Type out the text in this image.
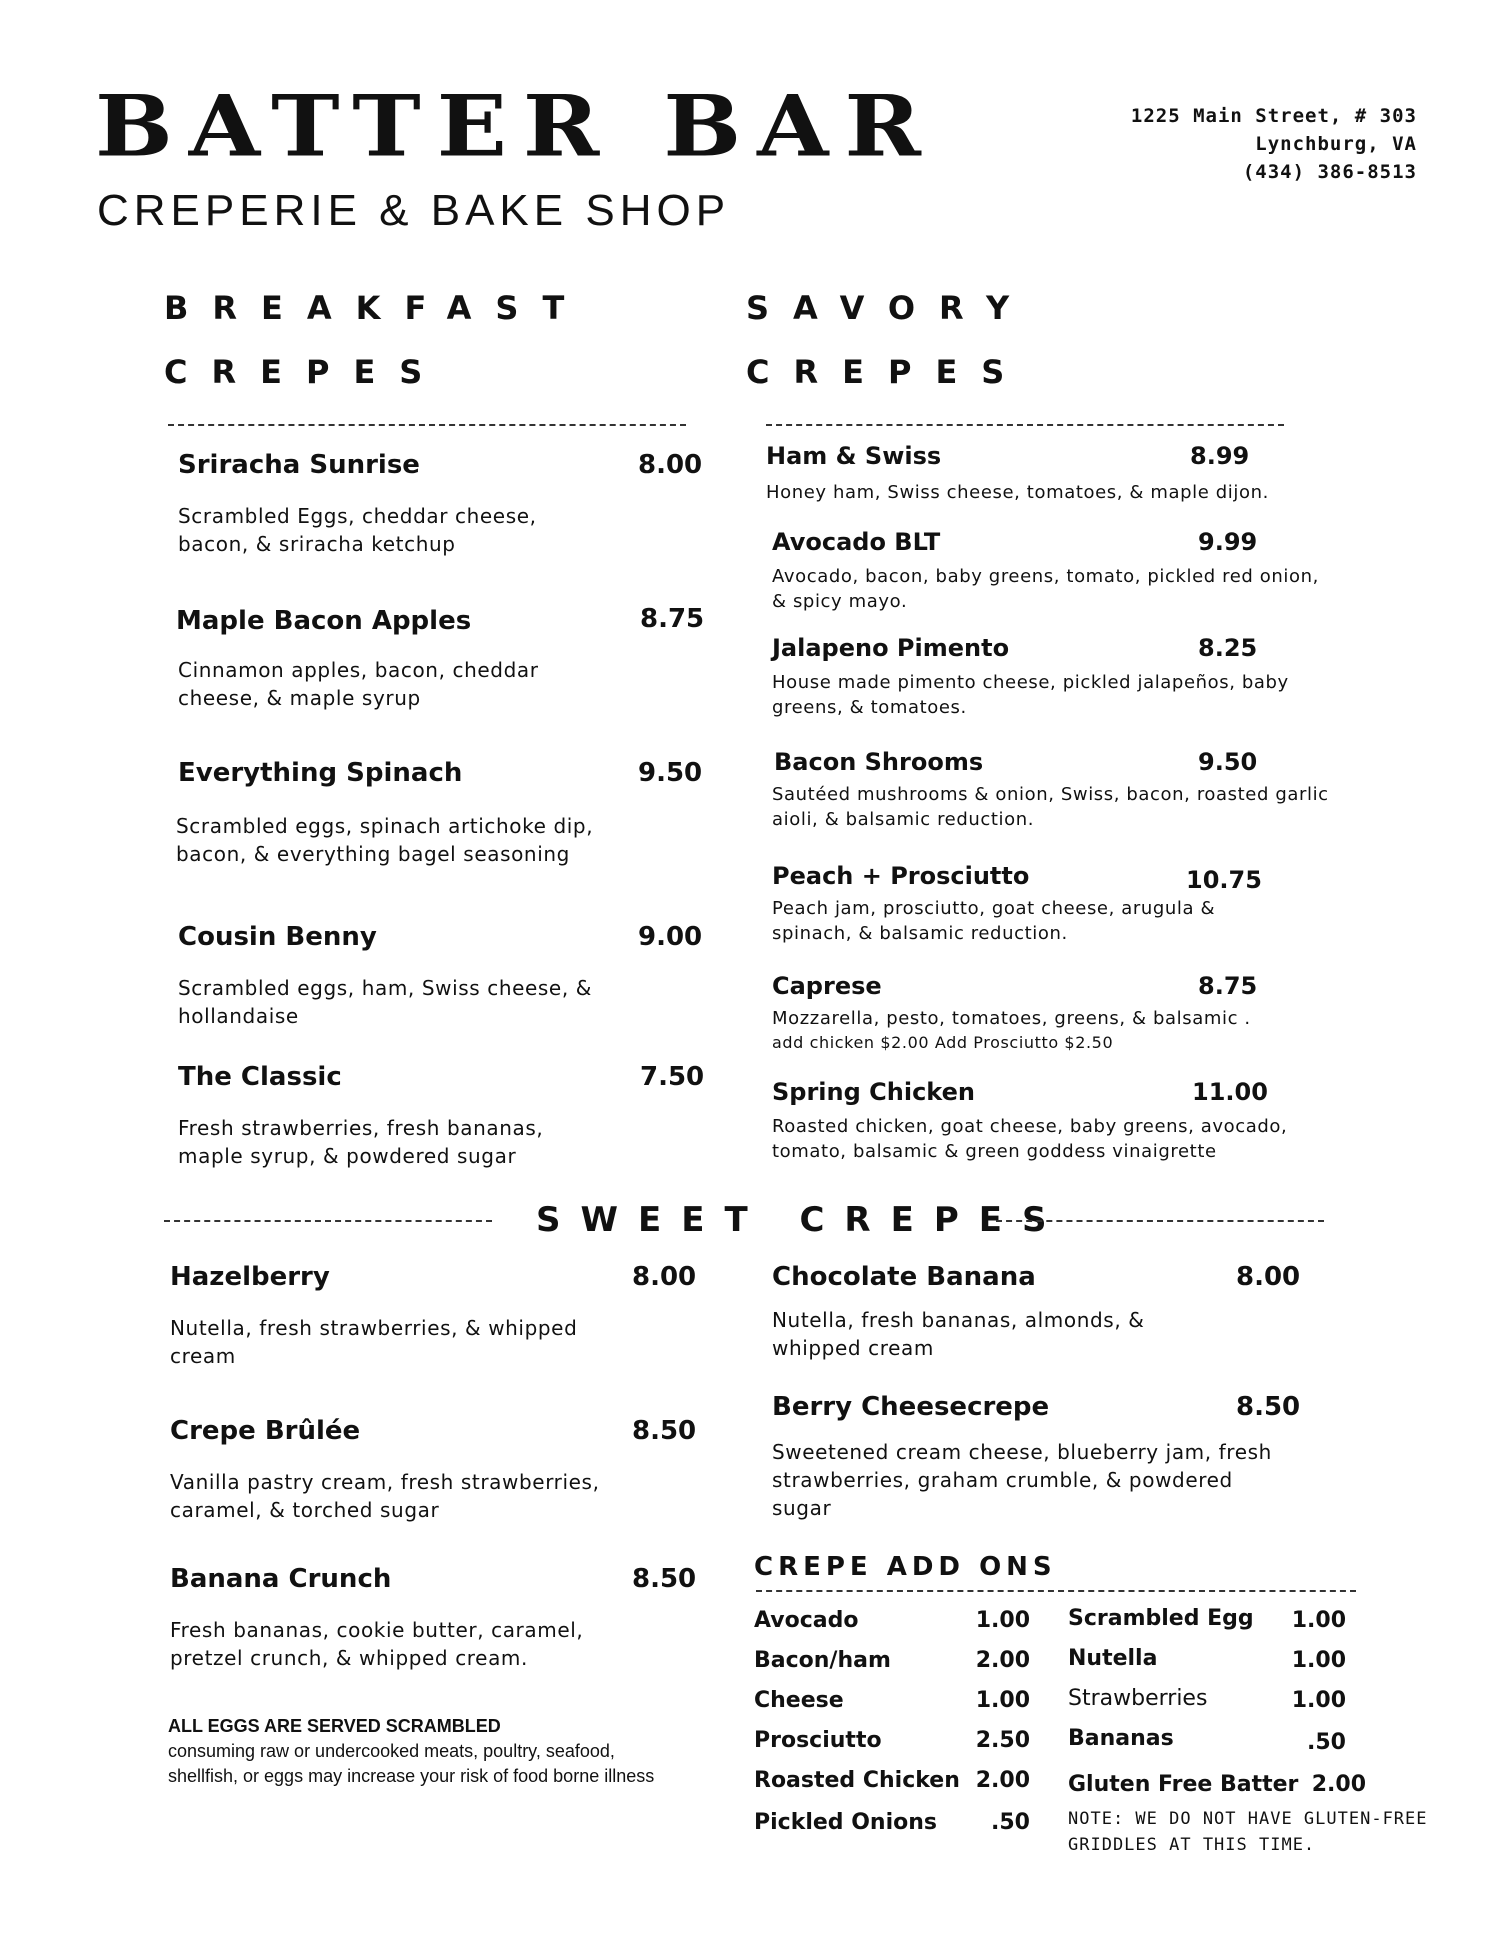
BATTER BAR
CREPERIE & BAKE SHOP
1225 Main Street, # 303
Lynchburg, VA
(434) 386-8513
BREAKFAST
CREPES
SAVORY
CREPES
Sriracha Sunrise	8.00
Scrambled Eggs, cheddar cheese, bacon, & sriracha ketchup
Maple Bacon Apples	8.75
Cinnamon apples, bacon, cheddar cheese, & maple syrup
Everything Spinach	9.50
Scrambled eggs, spinach artichoke dip, bacon, & everything bagel seasoning
Cousin Benny	9.00
Scrambled eggs, ham, Swiss cheese, & hollandaise
The Classic	7.50
Fresh strawberries, fresh bananas, maple syrup, & powdered sugar
Ham & Swiss	8.99
Honey ham, Swiss cheese, tomatoes, & maple dijon.
Avocado BLT	9.99
Avocado, bacon, baby greens, tomato, pickled red onion, & spicy mayo.
Jalapeno Pimento	8.25
House made pimento cheese, pickled jalapeños, baby greens, & tomatoes.
Bacon Shrooms	9.50
Sautéed mushrooms & onion, Swiss, bacon, roasted garlic aioli, & balsamic reduction.
Peach + Prosciutto	10.75
Peach jam, prosciutto, goat cheese, arugula & spinach, & balsamic reduction.
Caprese	8.75
Mozzarella, pesto, tomatoes, greens, & balsamic .
add chicken $2.00 Add Prosciutto $2.50
Spring Chicken	11.00
Roasted chicken, goat cheese, baby greens, avocado, tomato, balsamic & green goddess vinaigrette
SWEET CREPES
Hazelberry	8.00
Nutella, fresh strawberries, & whipped cream
Crepe Brûlée	8.50
Vanilla pastry cream, fresh strawberries, caramel, & torched sugar
Banana Crunch	8.50
Fresh bananas, cookie butter, caramel, pretzel crunch, & whipped cream.
Chocolate Banana	8.00
Nutella, fresh bananas, almonds, & whipped cream
Berry Cheesecrepe	8.50
Sweetened cream cheese, blueberry jam, fresh strawberries, graham crumble, & powdered sugar
ALL EGGS ARE SERVED SCRAMBLED
consuming raw or undercooked meats, poultry, seafood, shellfish, or eggs may increase your risk of food borne illness
CREPE ADD ONS
Avocado	1.00
Bacon/ham	2.00
Cheese	1.00
Prosciutto	2.50
Roasted Chicken 2.00
Pickled Onions	.50
Scrambled Egg	1.00
Nutella	1.00
Strawberries	1.00
Bananas	.50
Gluten Free Batter 2.00
NOTE: WE DO NOT HAVE GLUTEN-FREE GRIDDLES AT THIS TIME.
